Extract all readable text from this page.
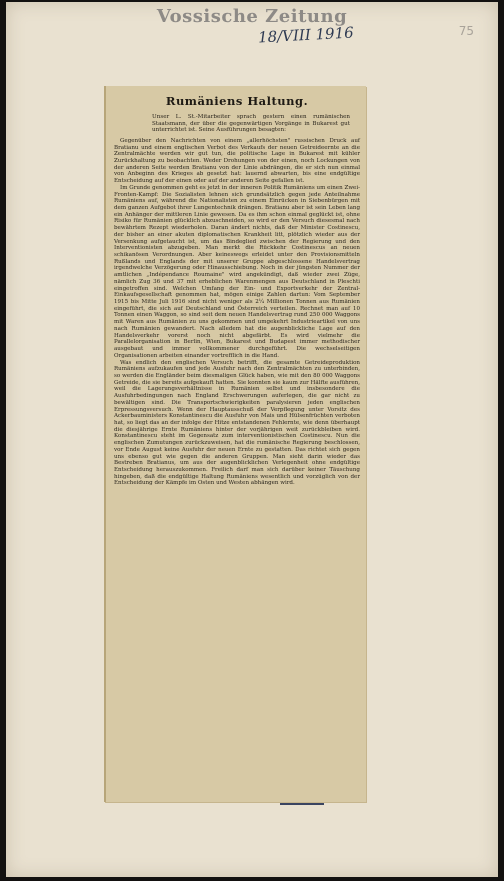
Vossische Zeitung
18/VIII 1916	75
Rumäniens Haltung.
Unser L. St.-Mitarbeiter sprach gestern einen rumänischen Staatsmann, der über die gegenwärtigen Vorgänge in Bukarest gut unterrichtet ist. Seine Ausführungen besagten:

Gegenüber den Nachrichten von einem „allerhöchsten" russischen Druck auf Bratianu und einem englischen Verbot des Verkaufs der neuen Getreideernte an die Zentralmächte werden wir gut tun, die politische Lage in Bukarest mit kühler Zurückhaltung zu beobachten. Weder Drohungen von der einen, noch Lockungen von der anderen Seite werden Bratianu von der Linie abdrängen, die er sich nun einmal von Anbeginn des Krieges ab gesetzt hat: lauernd abwarten, bis eine endgültige Entscheidung auf der einen oder auf der anderen Seite gefallen ist.

Im Grunde genommen geht es jetzt in der inneren Politik Rumäniens um einen Zwei-Fronten-Kampf: Die Sozialisten lehnen sich grundsätzlich gegen jede Anteilnahme Rumäniens auf, während die Nationalisten zu einem Einrücken in Siebenbürgen mit dem ganzen Aufgebot ihrer Lungentechnik drängen. Bratianu aber ist sein Leben lang ein Anhänger der mittleren Linie gewesen. Da es ihm schon einmal geglückt ist, ohne Risiko für Rumänien glücklich abzuschneiden, so wird er den Versuch diesesmal nach bewährtem Rezept wiederholen. Daran ändert nichts, daß der Minister Costinescu, der bisher an einer akuten diplomatischen Krankheit litt, plötzlich wieder aus der Versenkung aufgetaucht ist, um das Bindeglied zwischen der Regierung und den Interventionisten abzugeben. Man merkt die Rückkehr Costinescus an neuen schikanösen Verordnungen. Aber keineswegs erleidet unter den Provisionsmitteln Rußlands und Englands der mit unserer Gruppe abgeschlossene Handelsvertrag irgendwelche Verzögerung oder Hinausschiebung. Noch in der jüngsten Nummer der amtlichen „Indépendance Roumaine" wird angekündigt, daß wieder zwei Züge, nämlich Zug 36 und 37 mit erheblichen Warenmengen aus Deutschland in Pleschti eingetroffen sind. Welchen Umfang der Ein- und Exportverkehr der Zentral-Einkaufsgesellschaft genommen hat, mögen einige Zahlen dartun: Vom September 1915 bis Mitte Juli 1916 sind nicht weniger als 2¼ Millionen Tonnen aus Rumänien eingeführt, die sich auf Deutschland und Österreich verteilen. Rechnet man auf 10 Tonnen einen Waggon, so sind seit dem neuen Handelsvertrag rund 250 000 Waggons mit Waren aus Rumänien zu uns gekommen und umgekehrt Industrieartikel von uns nach Rumänien gewandert. Nach alledem hat die augenblickliche Lage auf den Handelsverkehr vorerst noch nicht abgefärbt. Es wird vielmehr die Parallelorganisation in Berlin, Wien, Bukarest und Budapest immer methodischer ausgebaut und immer vollkommener durchgeführt. Die wechselseitigen Organisationen arbeiten einander vortrefflich in die Hand.

Was endlich den englischen Versuch betrifft, die gesamte Getreideproduktion Rumäniens aufzukaufen und jede Ausfuhr nach den Zentralmächten zu unterbinden, so werden die Engländer beim diesmaligen Glück haben, wie mit den 80 000 Waggons Getreide, die sie bereits aufgekauft hatten. Sie konnten sie kaum zur Hälfte ausführen, weil die Lagerungsverhältnisse in Rumänien selbst und insbesondere die Ausfuhrbedingungen nach England Erschwerungen auferlegen, die gar nicht zu bewältigen sind. Die Transportschwierigkeiten paralysieren jeden englischen Erpressungsversuch. Wenn der Hauptausschuß der Verpflegung unter Vorsitz des Ackerbauministers Konstantinescu die Ausfuhr von Mais und Hülsenfrüchten verboten hat, so liegt das an der infolge der Hitze entstandenen Fehlernte, wie denn überhaupt die diesjährige Ernte Rumäniens hinter der vorjährigen weit zurückbleiben wird. Konstantinescu steht im Gegensatz zum interventionistischen Costinescu. Nun die englischen Zumutungen zurückzuweisen, hat die rumänische Regierung beschlossen, vor Ende August keine Ausfuhr der neuen Ernte zu gestatten. Das richtet sich gegen uns ebenso gut wie gegen die anderen Gruppen. Man sieht darin wieder das Bestreben Bratianus, um aus der augenblicklichen Verlegenheit ohne endgültige Entscheidung herauszukommen. Freilich darf man sich darüber keiner Täuschung hingeben, daß die endgültige Haltung Rumäniens wesentlich und vorzüglich von der Entscheidung der Kämpfe im Osten und Westen abhängen wird.
